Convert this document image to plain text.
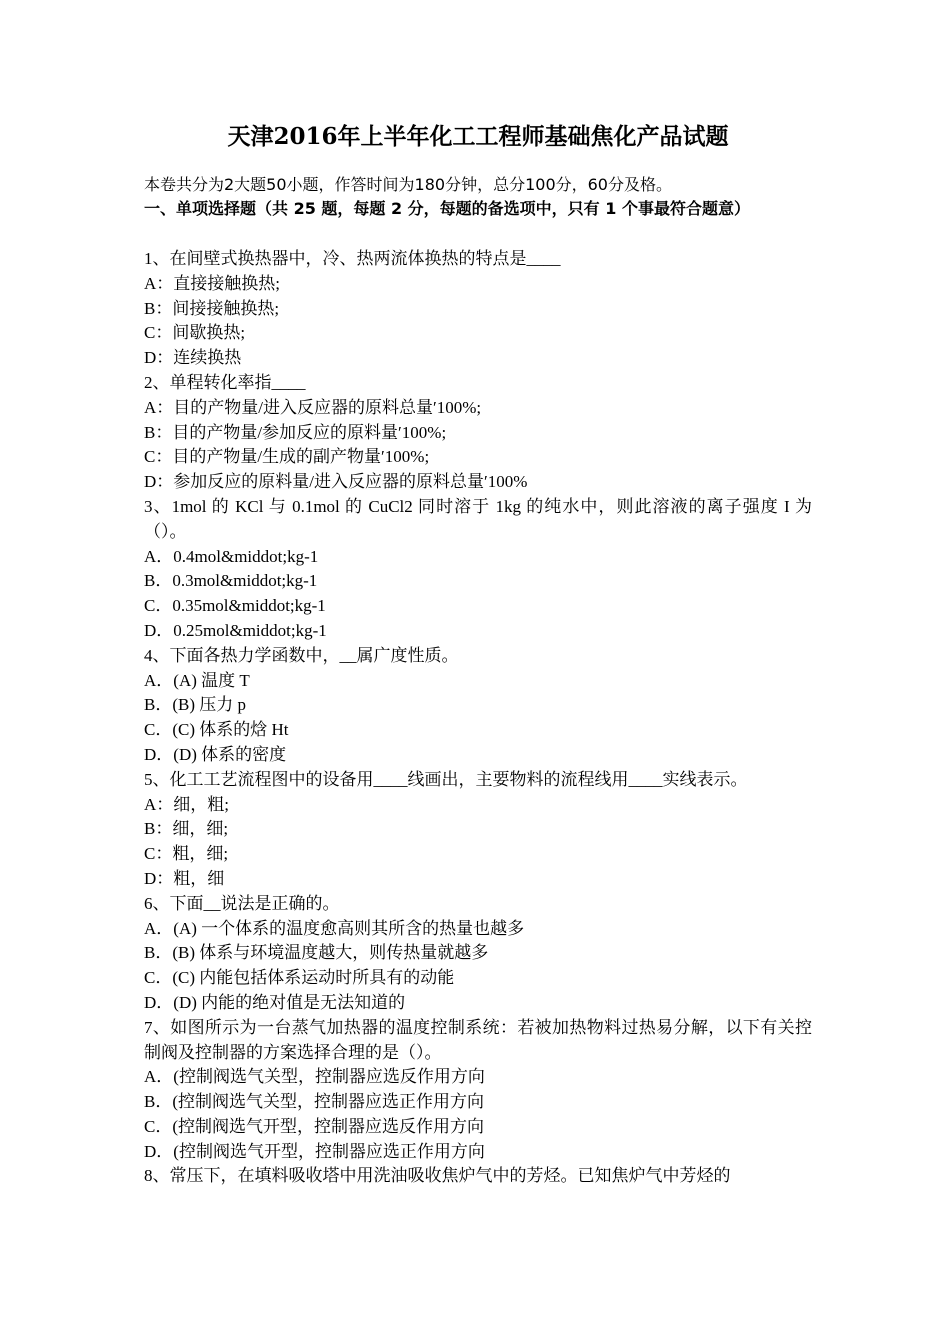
天津2016年上半年化工工程师基础焦化产品试题
本卷共分为2大题50小题，作答时间为180分钟，总分100分，60分及格。
一、单项选择题（共 25 题，每题 2 分，每题的备选项中，只有 1 个事最符合题意）
1、在间壁式换热器中，冷、热两流体换热的特点是____
A：直接接触换热;
B：间接接触换热;
C：间歇换热;
D：连续换热
2、单程转化率指____
A：目的产物量/进入反应器的原料总量′100%;
B：目的产物量/参加反应的原料量′100%;
C：目的产物量/生成的副产物量′100%;
D：参加反应的原料量/进入反应器的原料总量′100%
3、1mol 的 KCl 与 0.1mol 的 CuCl2 同时溶于 1kg 的纯水中，则此溶液的离子强度 I 为（）。
A．0.4mol&middot;kg-1
B．0.3mol&middot;kg-1
C．0.35mol&middot;kg-1
D．0.25mol&middot;kg-1
4、下面各热力学函数中，__属广度性质。
A．(A) 温度 T
B．(B) 压力 p
C．(C) 体系的焓 Ht
D．(D) 体系的密度
5、化工工艺流程图中的设备用____线画出，主要物料的流程线用____实线表示。
A：细，粗;
B：细，细;
C：粗，细;
D：粗，细
6、下面__说法是正确的。
A．(A) 一个体系的温度愈高则其所含的热量也越多
B．(B) 体系与环境温度越大，则传热量就越多
C．(C) 内能包括体系运动时所具有的动能
D．(D) 内能的绝对值是无法知道的
7、如图所示为一台蒸气加热器的温度控制系统：若被加热物料过热易分解，以下有关控制阀及控制器的方案选择合理的是（）。
A．(控制阀选气关型，控制器应选反作用方向
B．(控制阀选气关型，控制器应选正作用方向
C．(控制阀选气开型，控制器应选反作用方向
D．(控制阀选气开型，控制器应选正作用方向
8、常压下，在填料吸收塔中用洗油吸收焦炉气中的芳烃。已知焦炉气中芳烃的
